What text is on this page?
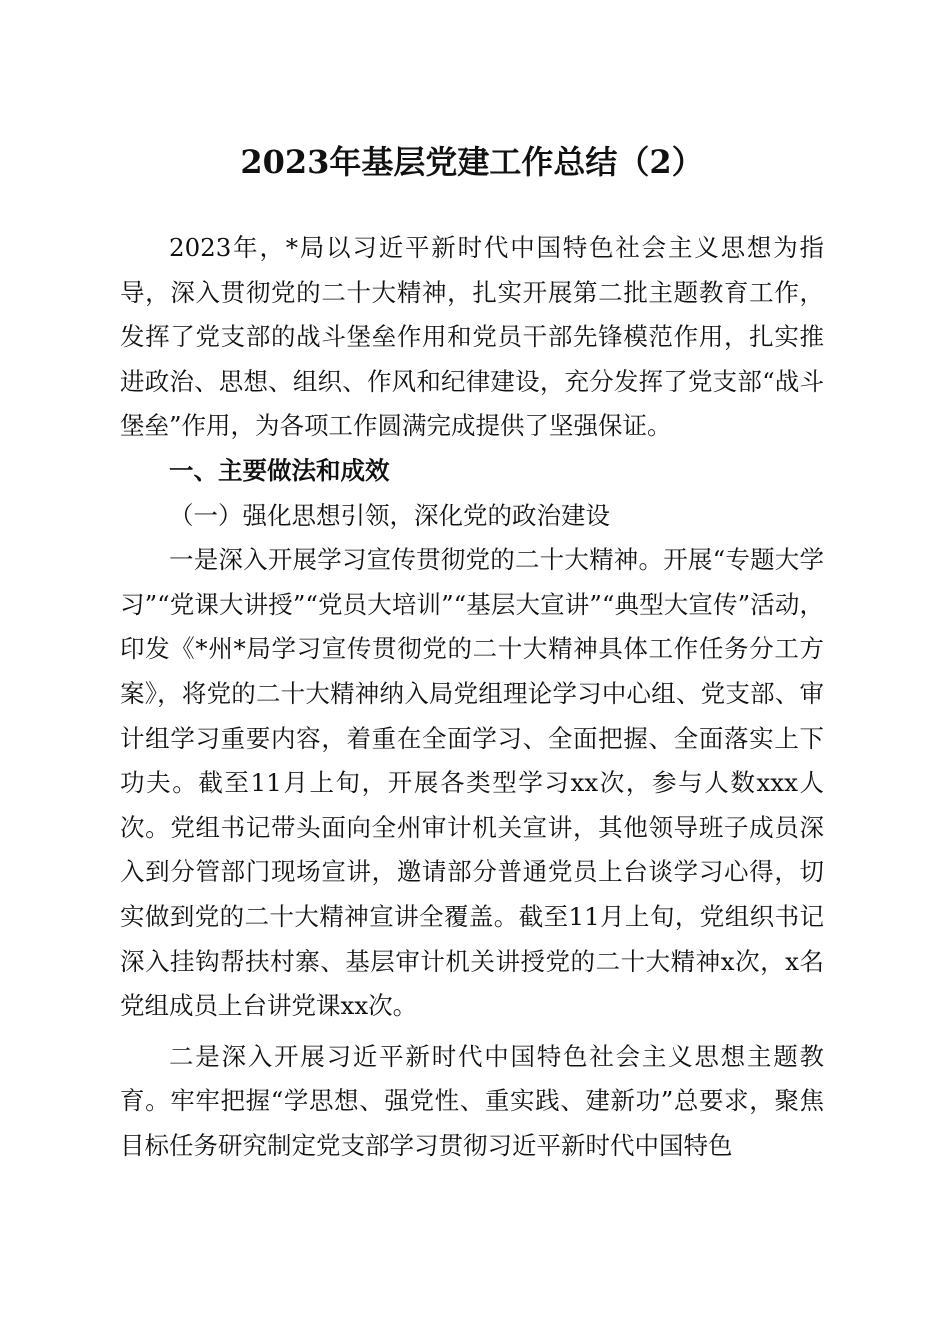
2023年基层党建工作总结（2）

2023年，*局以习近平新时代中国特色社会主义思想为指导，深入贯彻党的二十大精神，扎实开展第二批主题教育工作，发挥了党支部的战斗堡垒作用和党员干部先锋模范作用，扎实推进政治、思想、组织、作风和纪律建设，充分发挥了党支部“战斗堡垒”作用，为各项工作圆满完成提供了坚强保证。

一、主要做法和成效

（一）强化思想引领，深化党的政治建设

一是深入开展学习宣传贯彻党的二十大精神。开展“专题大学习”“党课大讲授”“党员大培训”“基层大宣讲”“典型大宣传”活动，印发《*州*局学习宣传贯彻党的二十大精神具体工作任务分工方案》，将党的二十大精神纳入局党组理论学习中心组、党支部、审计组学习重要内容，着重在全面学习、全面把握、全面落实上下功夫。截至11月上旬，开展各类型学习xx次，参与人数xxx人次。党组书记带头面向全州审计机关宣讲，其他领导班子成员深入到分管部门现场宣讲，邀请部分普通党员上台谈学习心得，切实做到党的二十大精神宣讲全覆盖。截至11月上旬，党组织书记深入挂钩帮扶村寨、基层审计机关讲授党的二十大精神x次，x名党组成员上台讲党课xx次。

二是深入开展习近平新时代中国特色社会主义思想主题教育。牢牢把握“学思想、强党性、重实践、建新功”总要求，聚焦目标任务研究制定党支部学习贯彻习近平新时代中国特色
